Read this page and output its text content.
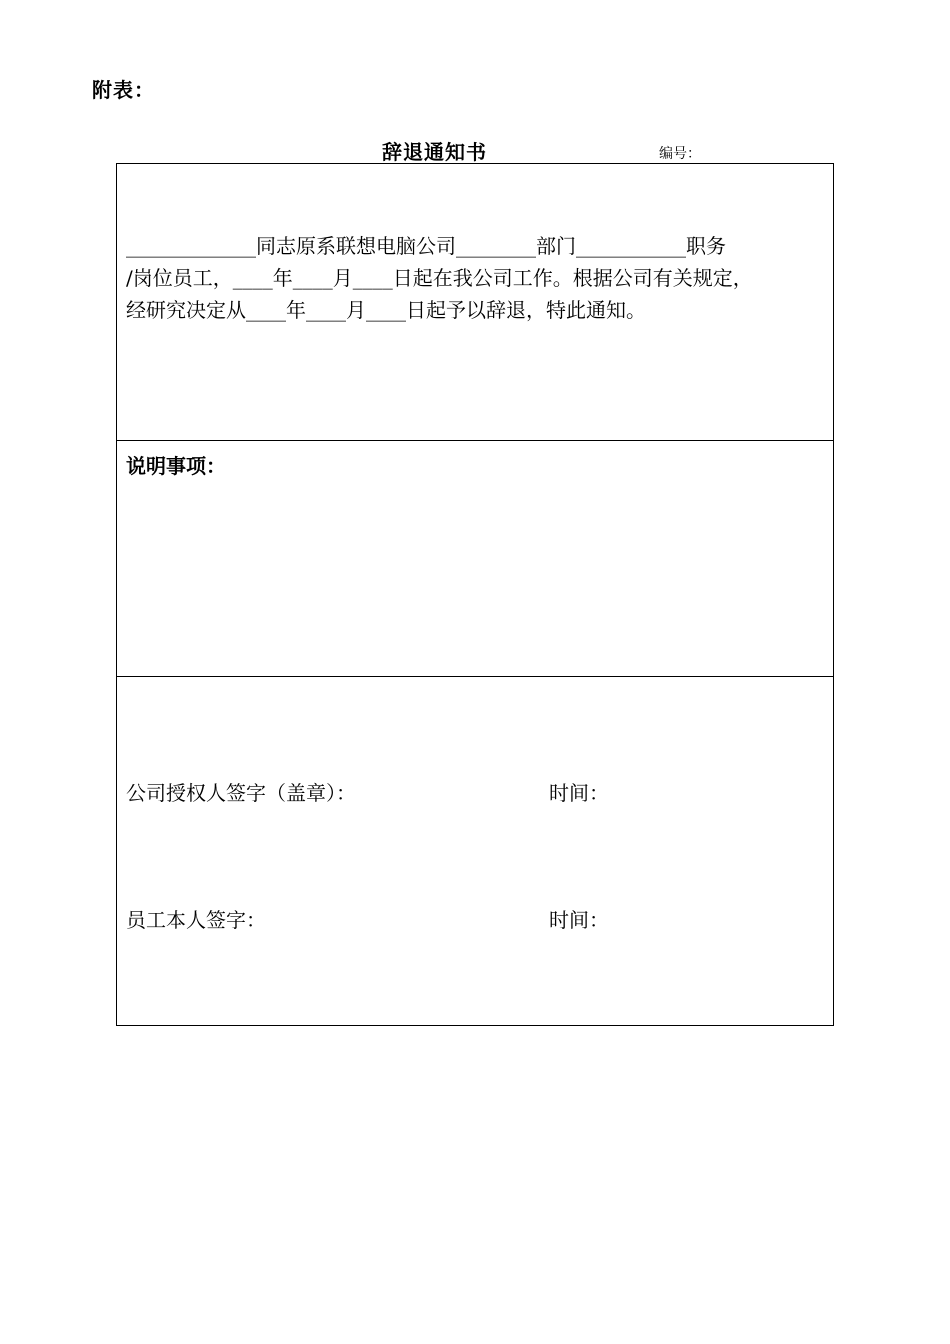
附表：
辞退通知书	编号：
_____________同志原系联想电脑公司________部门___________职务
/岗位员工，____年____月____日起在我公司工作。根据公司有关规定，
经研究决定从____年____月____日起予以辞退，特此通知。
说明事项：
公司授权人签字（盖章）：	时间：
员工本人签字：	时间：
